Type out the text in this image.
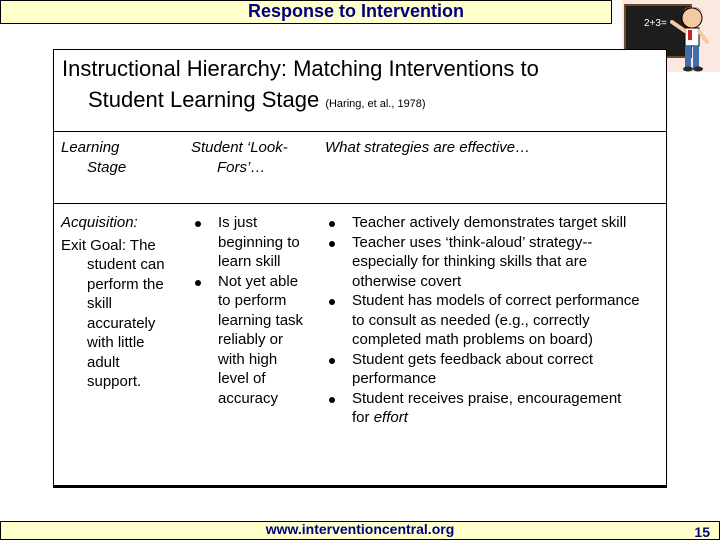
Response to Intervention
2+3=
Instructional Hierarchy: Matching Interventions to
Student Learning Stage (Haring, et al., 1978)

Learning

Stage

Student ‘Look-

Fors’…

What strategies are effective…

Acquisition:

Exit Goal: The

student can

perform the

skill

accurately

with little

adult

support.

Is just
beginning to
learn skill
Not yet able
to perform
learning task
reliably or
with high
level of
accuracy
Teacher actively demonstrates target skill
Teacher uses ‘think-aloud’ strategy--
especially for thinking skills that are
otherwise covert
Student has models of correct performance
to consult as needed (e.g., correctly
completed math problems on board)
Student gets feedback about correct
performance
Student receives praise, encouragement
for effort
www.interventioncentral.org	15
